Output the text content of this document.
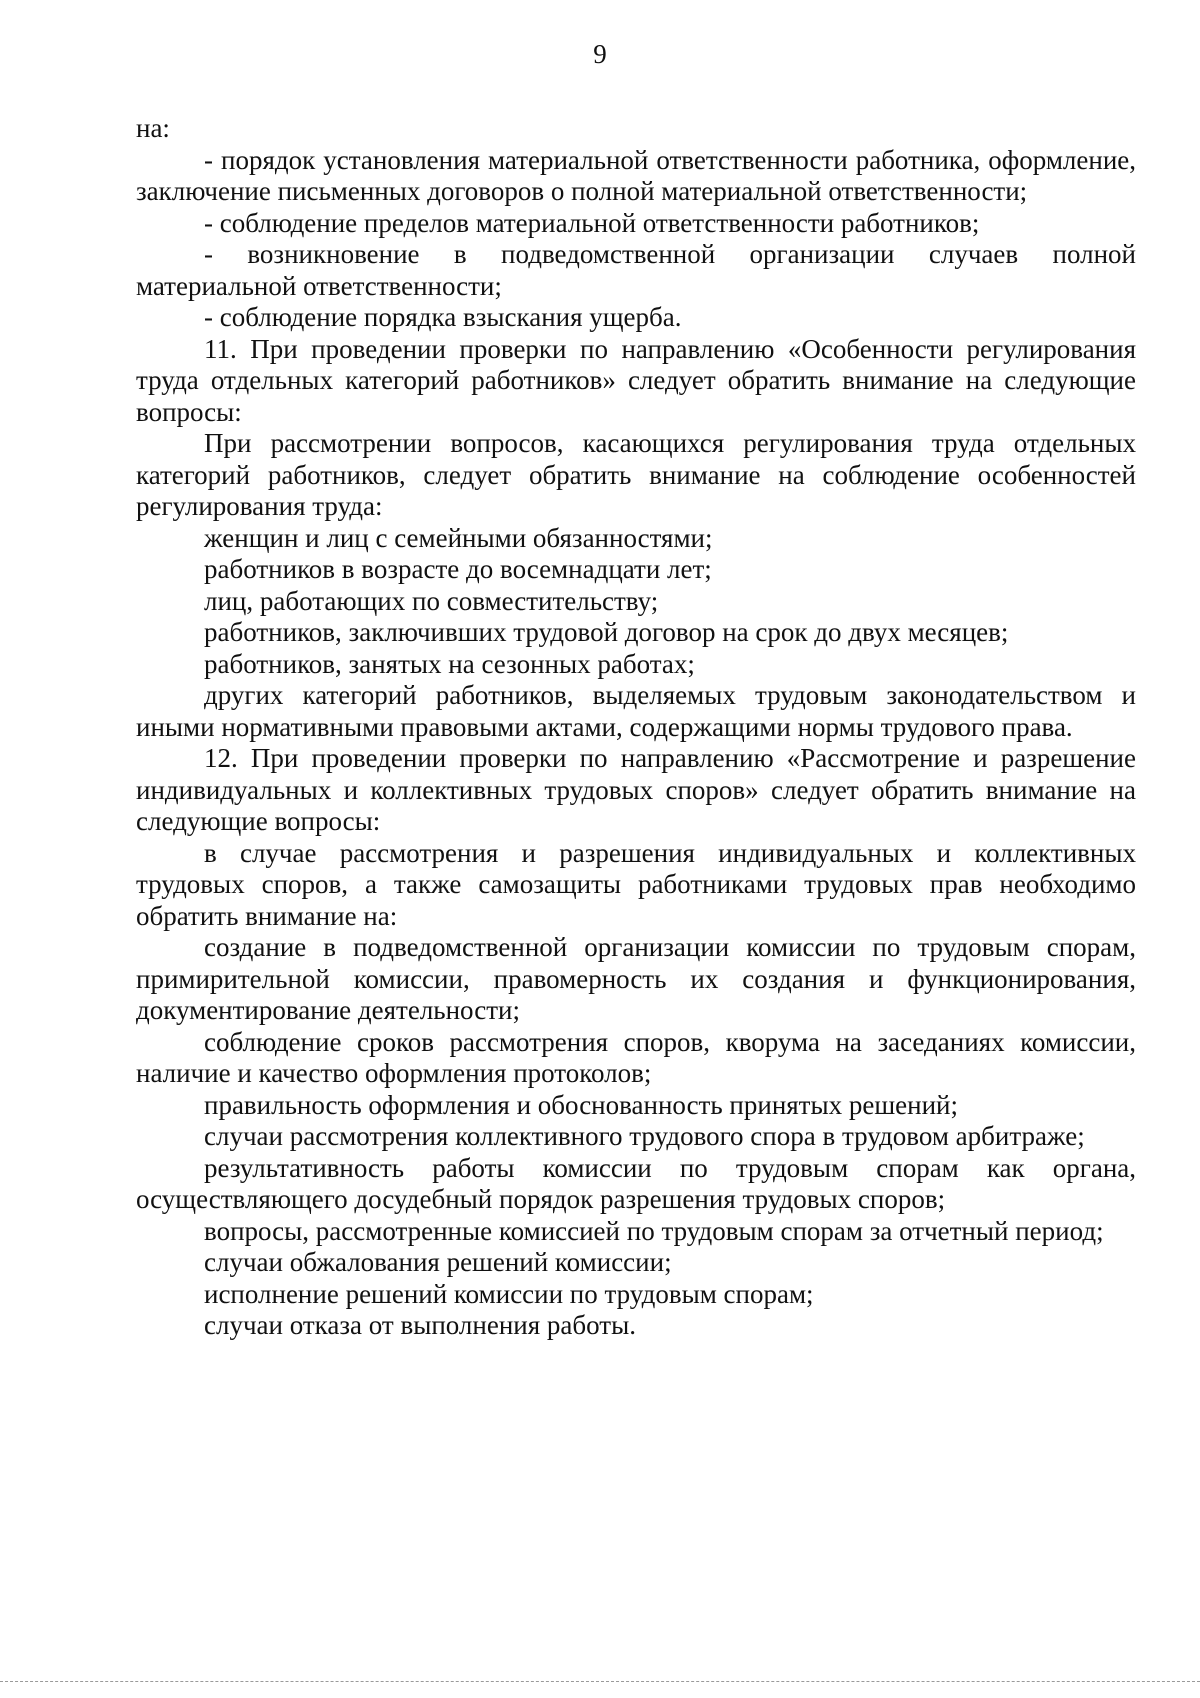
9

на:

- порядок установления материальной ответственности работника, оформление, заключение письменных договоров о полной материальной ответственности;

- соблюдение пределов материальной ответственности работников;

- возникновение в подведомственной организации случаев полной материальной ответственности;

- соблюдение порядка взыскания ущерба.

11. При проведении проверки по направлению «Особенности регулирования труда отдельных категорий работников» следует обратить внимание на следующие вопросы:

При рассмотрении вопросов, касающихся регулирования труда отдельных категорий работников, следует обратить внимание на соблюдение особенностей регулирования труда:

женщин и лиц с семейными обязанностями;

работников в возрасте до восемнадцати лет;

лиц, работающих по совместительству;

работников, заключивших трудовой договор на срок до двух месяцев;

работников, занятых на сезонных работах;

других категорий работников, выделяемых трудовым законодательством и иными нормативными правовыми актами, содержащими нормы трудового права.

12. При проведении проверки по направлению «Рассмотрение и разрешение индивидуальных и коллективных трудовых споров» следует обратить внимание на следующие вопросы:

в случае рассмотрения и разрешения индивидуальных и коллективных трудовых споров, а также самозащиты работниками трудовых прав необходимо обратить внимание на:

создание в подведомственной организации комиссии по трудовым спорам, примирительной комиссии, правомерность их создания и функционирования, документирование деятельности;

соблюдение сроков рассмотрения споров, кворума на заседаниях комиссии, наличие и качество оформления протоколов;

правильность оформления и обоснованность принятых решений;

случаи рассмотрения коллективного трудового спора в трудовом арбитраже;

результативность работы комиссии по трудовым спорам как органа, осуществляющего досудебный порядок разрешения трудовых споров;

вопросы, рассмотренные комиссией по трудовым спорам за отчетный период;

случаи обжалования решений комиссии;

исполнение решений комиссии по трудовым спорам;

случаи отказа от выполнения работы.
